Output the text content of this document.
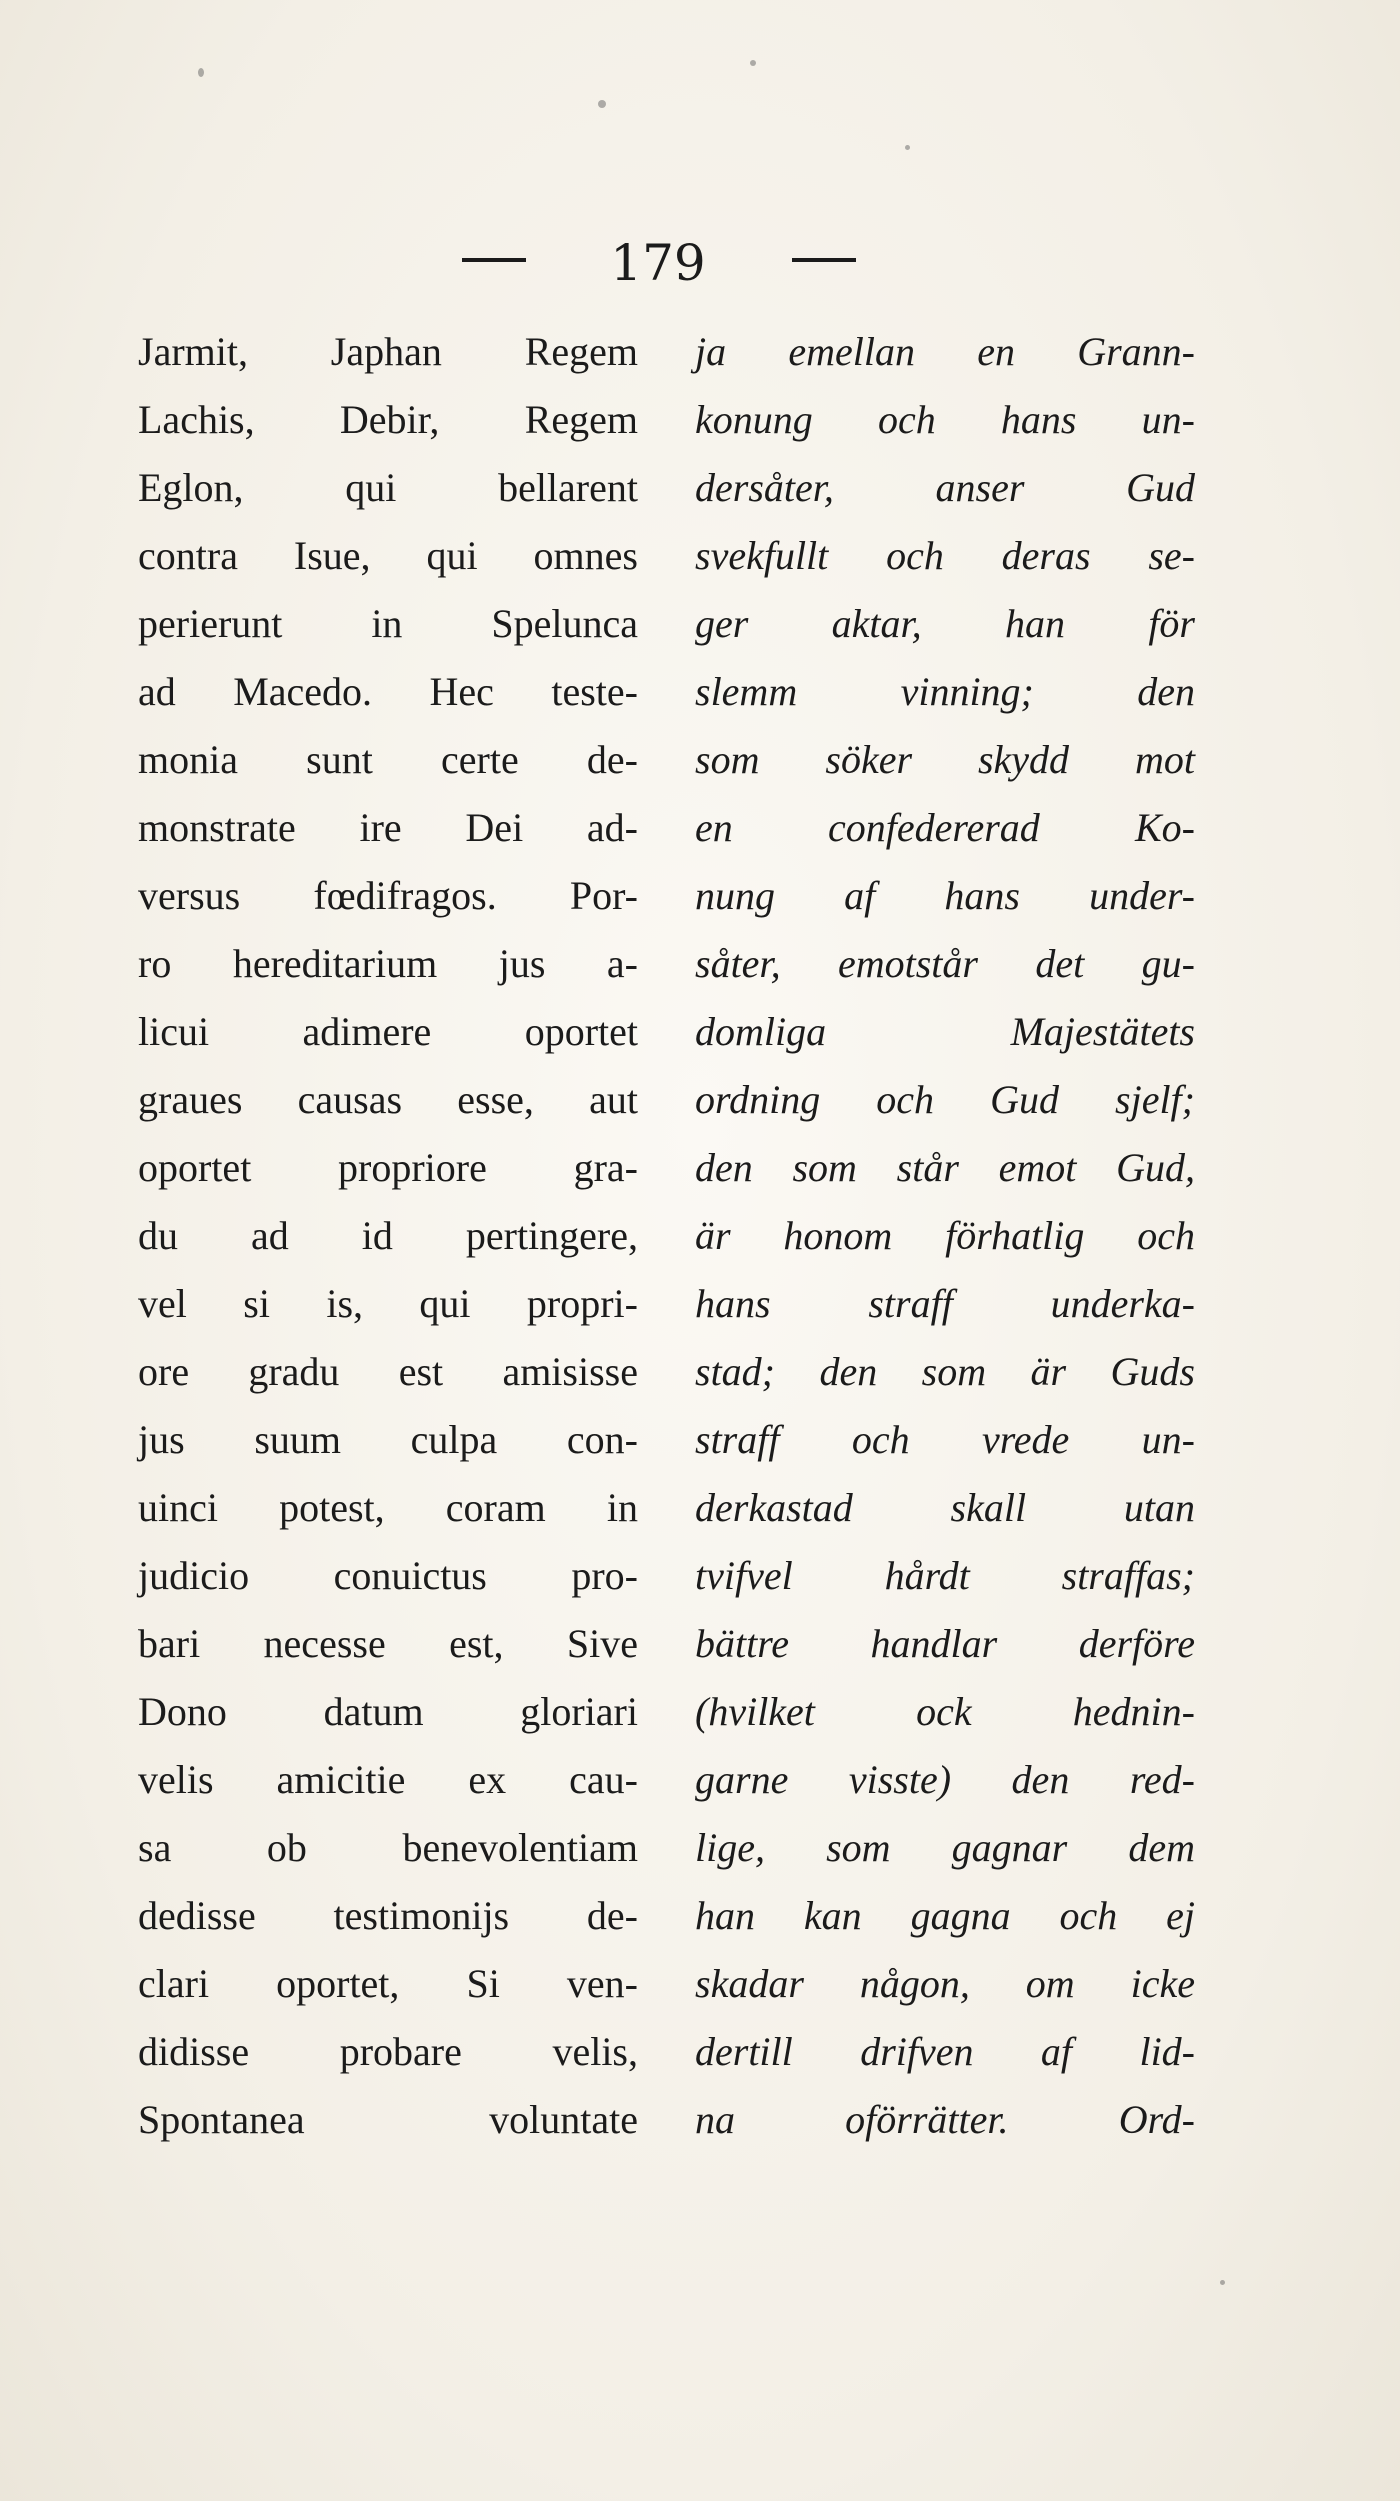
179
Jarmit, Japhan Regem
Lachis, Debir, Regem
Eglon, qui bellarent
contra Isue, qui omnes
perierunt in Spelunca
ad Macedo. Hec teste-
monia sunt certe de-
monstrate ire Dei ad-
versus fœdifragos. Por-
ro hereditarium jus a-
licui adimere oportet
graues causas esse, aut
oportet propriore gra-
du ad id pertingere,
vel si is, qui propri-
ore gradu est amisisse
jus suum culpa con-
uinci potest, coram in
judicio conuictus pro-
bari necesse est, Sive
Dono datum gloriari
velis amicitie ex cau-
sa ob benevolentiam
dedisse testimonijs de-
clari oportet, Si ven-
didisse probare velis,
Spontanea voluntate
ja emellan en Grann-
konung och hans un-
dersåter, anser Gud
svekfullt och deras se-
ger aktar, han för
slemm vinning; den
som söker skydd mot
en confedererad Ko-
nung af hans under-
såter, emotstår det gu-
domliga Majestätets
ordning och Gud sjelf;
den som står emot Gud,
är honom förhatlig och
hans straff underka-
stad; den som är Guds
straff och vrede un-
derkastad skall utan
tvifvel hårdt straffas;
bättre handlar derföre
(hvilket ock hednin-
garne visste) den red-
lige, som gagnar dem
han kan gagna och ej
skadar någon, om icke
dertill drifven af lid-
na oförrätter. Ord-
